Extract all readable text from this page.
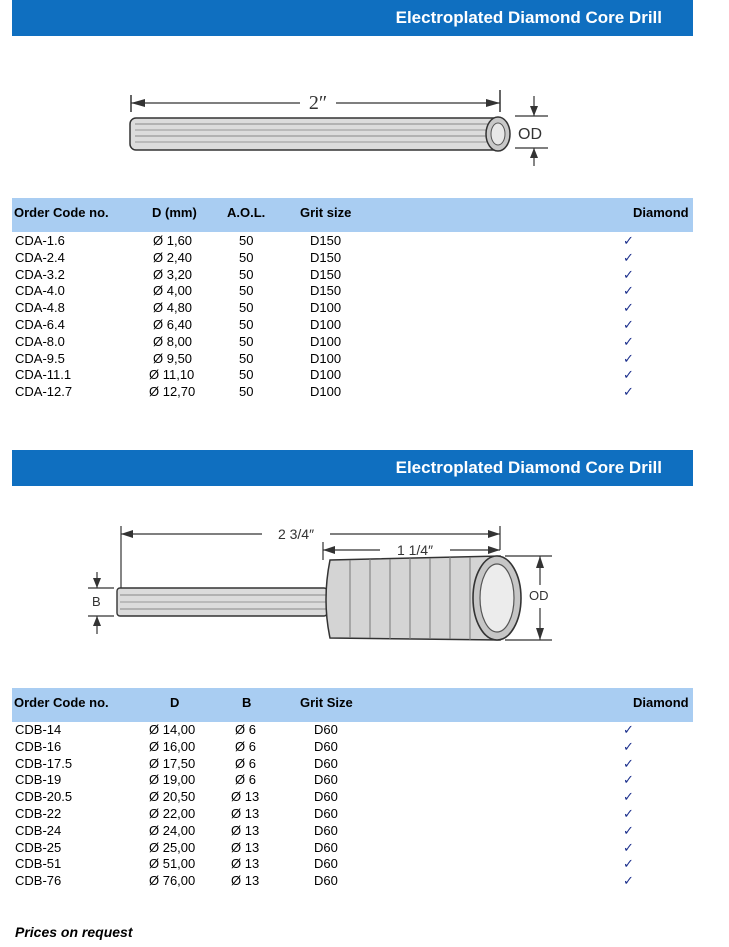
Electroplated Diamond Core Drill
2″
OD
Order Code no.	D (mm) A.O.L.	Grit size	Diamond
CDA-1.6	Ø 1,60	50	D150	✓
CDA-2.4	Ø 2,40	50	D150	✓
CDA-3.2	Ø 3,20	50	D150	✓
CDA-4.0	Ø 4,00	50	D150	✓
CDA-4.8	Ø 4,80	50	D100	✓
CDA-6.4	Ø 6,40	50	D100	✓
CDA-8.0	Ø 8,00	50	D100	✓
CDA-9.5	Ø 9,50	50	D100	✓
CDA-11.1	Ø 11,10	50	D100	✓
CDA-12.7	Ø 12,70	50	D100	✓
Electroplated Diamond Core Drill
2 3/4″
1 1/4″
OD
B
Order Code no.	D	B	Grit Size	Diamond
CDB-14	Ø 14,00	Ø 6	D60	✓
CDB-16	Ø 16,00	Ø 6	D60	✓
CDB-17.5	Ø 17,50	Ø 6	D60	✓
CDB-19	Ø 19,00	Ø 6	D60	✓
CDB-20.5	Ø 20,50	Ø 13	D60	✓
CDB-22	Ø 22,00	Ø 13	D60	✓
CDB-24	Ø 24,00	Ø 13	D60	✓
CDB-25	Ø 25,00	Ø 13	D60	✓
CDB-51	Ø 51,00	Ø 13	D60	✓
CDB-76	Ø 76,00	Ø 13	D60	✓
Prices on request
